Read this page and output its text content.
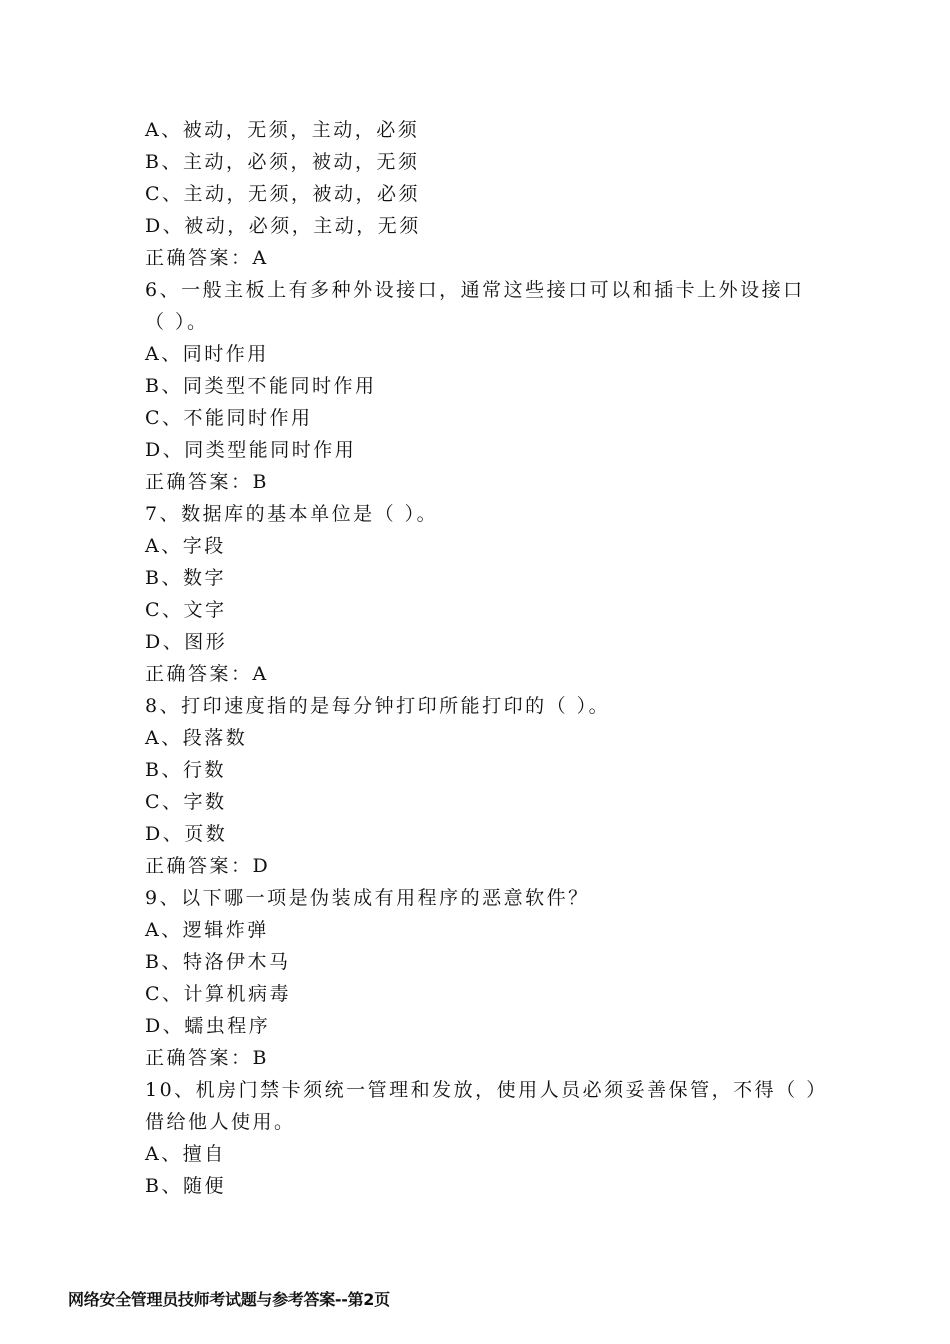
A、被动，无须，主动，必须
B、主动，必须，被动，无须
C、主动，无须，被动，必须
D、被动，必须，主动，无须
正确答案：A
6、一般主板上有多种外设接口，通常这些接口可以和插卡上外设接口
（ ）。
A、同时作用
B、同类型不能同时作用
C、不能同时作用
D、同类型能同时作用
正确答案：B
7、数据库的基本单位是（ ）。
A、字段
B、数字
C、文字
D、图形
正确答案：A
8、打印速度指的是每分钟打印所能打印的（ ）。
A、段落数
B、行数
C、字数
D、页数
正确答案：D
9、以下哪一项是伪装成有用程序的恶意软件？
A、逻辑炸弹
B、特洛伊木马
C、计算机病毒
D、蠕虫程序
正确答案：B
10、机房门禁卡须统一管理和发放，使用人员必须妥善保管，不得（ ）
借给他人使用。
A、擅自
B、随便
网络安全管理员技师考试题与参考答案--第2页
